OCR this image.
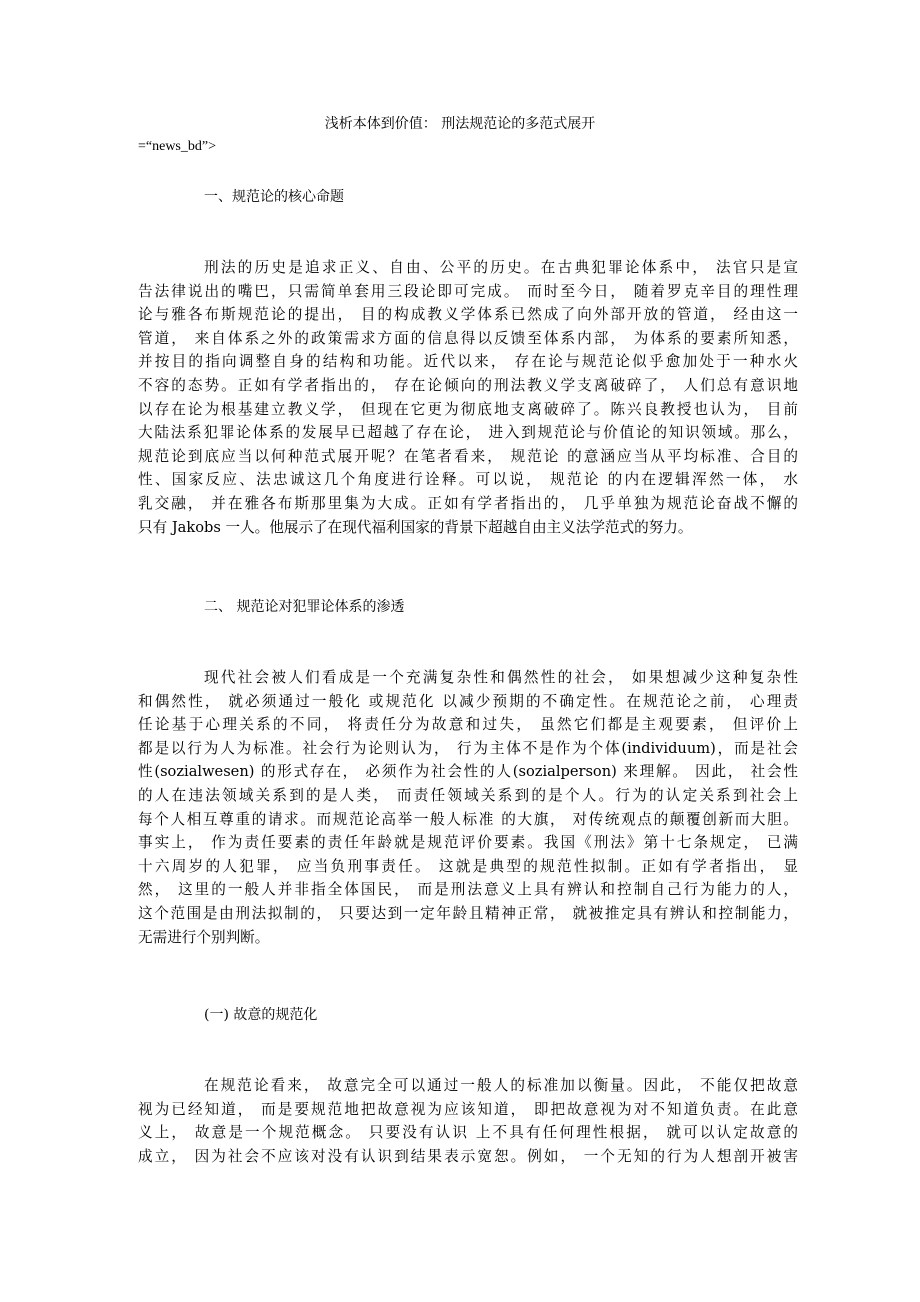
浅析本体到价值： 刑法规范论的多范式展开
=“news_bd”>
一、规范论的核心命题
刑法的历史是追求正义、自由、公平的历史。在古典犯罪论体系中， 法官只是宣
告法律说出的嘴巴，只需简单套用三段论即可完成。 而时至今日， 随着罗克辛目的理性理
论与雅各布斯规范论的提出， 目的构成教义学体系已然成了向外部开放的管道， 经由这一
管道， 来自体系之外的政策需求方面的信息得以反馈至体系内部， 为体系的要素所知悉，
并按目的指向调整自身的结构和功能。近代以来， 存在论与规范论似乎愈加处于一种水火
不容的态势。正如有学者指出的， 存在论倾向的刑法教义学支离破碎了， 人们总有意识地
以存在论为根基建立教义学， 但现在它更为彻底地支离破碎了。陈兴良教授也认为， 目前
大陆法系犯罪论体系的发展早已超越了存在论， 进入到规范论与价值论的知识领域。那么，
规范论到底应当以何种范式展开呢？在笔者看来， 规范论 的意涵应当从平均标准、合目的
性、国家反应、法忠诚这几个角度进行诠释。可以说， 规范论 的内在逻辑浑然一体， 水
乳交融， 并在雅各布斯那里集为大成。正如有学者指出的， 几乎单独为规范论奋战不懈的
只有 Jakobs 一人。他展示了在现代福利国家的背景下超越自由主义法学范式的努力。
二、 规范论对犯罪论体系的渗透
现代社会被人们看成是一个充满复杂性和偶然性的社会， 如果想减少这种复杂性
和偶然性， 就必须通过一般化 或规范化 以减少预期的不确定性。在规范论之前， 心理责
任论基于心理关系的不同， 将责任分为故意和过失， 虽然它们都是主观要素， 但评价上
都是以行为人为标准。社会行为论则认为， 行为主体不是作为个体(individuum)，而是社会
性(sozialwesen) 的形式存在， 必须作为社会性的人(sozialperson) 来理解。 因此， 社会性
的人在违法领域关系到的是人类， 而责任领域关系到的是个人。行为的认定关系到社会上
每个人相互尊重的请求。而规范论高举一般人标准 的大旗， 对传统观点的颠覆创新而大胆。
事实上， 作为责任要素的责任年龄就是规范评价要素。我国《刑法》第十七条规定， 已满
十六周岁的人犯罪， 应当负刑事责任。 这就是典型的规范性拟制。正如有学者指出， 显
然， 这里的一般人并非指全体国民， 而是刑法意义上具有辨认和控制自己行为能力的人，
这个范围是由刑法拟制的， 只要达到一定年龄且精神正常， 就被推定具有辨认和控制能力，
无需进行个别判断。
(一) 故意的规范化
在规范论看来， 故意完全可以通过一般人的标准加以衡量。因此， 不能仅把故意
视为已经知道， 而是要规范地把故意视为应该知道， 即把故意视为对不知道负责。在此意
义上， 故意是一个规范概念。 只要没有认识 上不具有任何理性根据， 就可以认定故意的
成立， 因为社会不应该对没有认识到结果表示宽恕。例如， 一个无知的行为人想剖开被害
